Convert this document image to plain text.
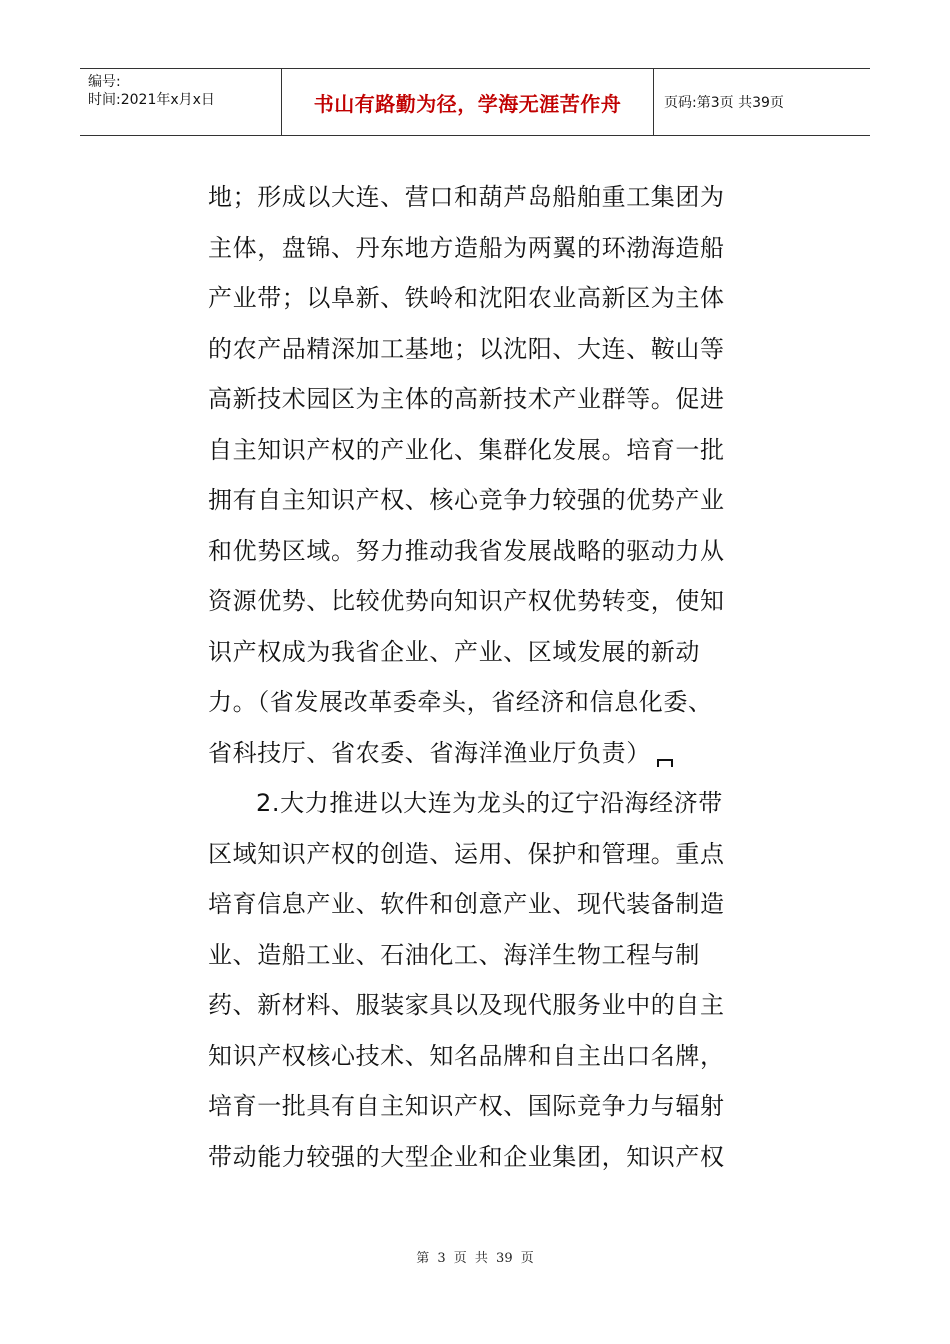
编号:
时间:2021年x月x日	书山有路勤为径，学海无涯苦作舟	页码:第3页 共39页
地；形成以大连、营口和葫芦岛船舶重工集团为
主体，盘锦、丹东地方造船为两翼的环渤海造船
产业带；以阜新、铁岭和沈阳农业高新区为主体
的农产品精深加工基地；以沈阳、大连、鞍山等
高新技术园区为主体的高新技术产业群等。促进
自主知识产权的产业化、集群化发展。培育一批
拥有自主知识产权、核心竞争力较强的优势产业
和优势区域。努力推动我省发展战略的驱动力从
资源优势、比较优势向知识产权优势转变，使知
识产权成为我省企业、产业、区域发展的新动
力。（省发展改革委牵头，省经济和信息化委、
省科技厅、省农委、省海洋渔业厅负责）
2.大力推进以大连为龙头的辽宁沿海经济带
区域知识产权的创造、运用、保护和管理。重点
培育信息产业、软件和创意产业、现代装备制造
业、造船工业、石油化工、海洋生物工程与制
药、新材料、服装家具以及现代服务业中的自主
知识产权核心技术、知名品牌和自主出口名牌，
培育一批具有自主知识产权、国际竞争力与辐射
带动能力较强的大型企业和企业集团，知识产权
第 3 页 共 39 页
